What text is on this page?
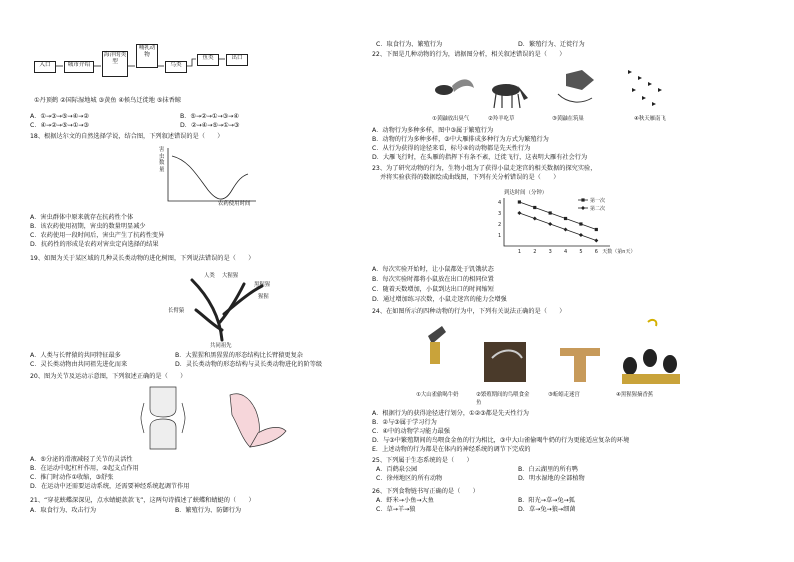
入口	城市介绍
海洋的类型
哺乳动物
鸟类
鱼类	出口
①丹顶鹤 ②国际湿地城 ③黄鱼 ④候鸟迁徙地 ⑤抹香鲸
A．①→③→⑤→④→②	B．⑤→②→①→③→④
C．④→②→⑤→①→③	D．②→④→⑤→①→③
18、根据达尔文的自然选择学说，结合图，下列叙述错误的是（　　）
害
虫
数
量
农药使用时间
A．害虫群体中原来就存在抗药性个体
B．该农药使用初期，害虫的数量明显减少
C．农药使用一段时间后，害虫产生了抗药性变异
D．抗药性的形成是农药对害虫定向选择的结果
19、如图为关于某区域的几种灵长类动物的进化树图，下列说法错误的是（　　）
人类 大猩猩
黑猩猩
长臂猿
猩猩
共同祖先
A．人类与长臂猿的共同特征最多	B．大猩猩和黑猩猩的形态结构比长臂猿更复杂
C．灵长类动物由共同祖先进化而来	D．灵长类动物的形态结构与灵长类动物进化的阶等级
20、图为关节及运动示意图，下列叙述正确的是（　　）
A．⑤分泌的滑液减轻了关节的灵活性
B．在运动中起杠杆作用，②起支点作用
C．推门时动作①收缩，③舒张
D．在运动中还需要运动系统，还需要神经系统起调节作用
21、“穿花蛱蝶深深见，点水蜻蜓款款飞”，这两句诗描述了蛱蝶和蜻蜓的（　　）
A．取食行为、攻击行为	B．繁殖行为、防御行为
C．取食行为、繁殖行为	D．繁殖行为、迁徙行为
22、下图是几种动物的行为，请据图分析，相关叙述错误的是（　　）
①黄鼬放出臭气	②羚羊吃草	③黄鼬在筑巢	④秋天雁南飞
A．动物行为多种多样，图中③属于繁殖行为
B．动物的行为多种多样，③中大雁排成多种行为方式为繁殖行为
C．从行为获得的途径来看，标号④的动物都是先天性行为
D．大雁飞行时，在头雁的指挥下有条不紊，迁徙飞行，这表明大雁有社会行为
23、为了研究动物的行为，生物小组为了获得小鼠走迷宫的相关数据的探究实验，
并将实验获得的数据绘成曲线图，下列有关分析错误的是（　　）
到达时间（分钟）
1
2
3
4
1 2 3 4 5 6 天数（第n天）
第一次
第二次
A．每次实验开始时，让小鼠都处于饥饿状态
B．每次实验时都将小鼠放在出口的相同位置
C．随着天数增加，小鼠到达出口的时间缩短
D．通过增加练习次数，小鼠走迷宫的能力会增强
24、在如图所示的四种动物的行为中，下列有关说法正确的是（　　）
①大山雀偷喝牛奶	②繁殖期间的鸟喂食金鱼
③蚯蚓走迷宫	④黑猩猩摘香蕉
A．根据行为的获得途径进行划分，①②③都是先天性行为
B．②与③属于学习行为
C．④中的动物学习能力最强
D．与③中繁殖期间的鸟喂食金鱼的行为相比，③中大山雀偷喝牛奶的行为更能适应复杂的环境
E．上述动物的行为都是在体内的神经系统的调节下完成的
25、下列属于生态系统的是（　　）
A．百鹤泉公园	B．白云湖里的所有鸭
C．徐州地区的所有动物	D．明水湿地的全部植物
26、下列食物链书写正确的是（　　）
A．虾米→小鱼→大鱼	B．阳光→草→兔→狐
C．草→羊→狼	D．草→兔→狼→细菌
